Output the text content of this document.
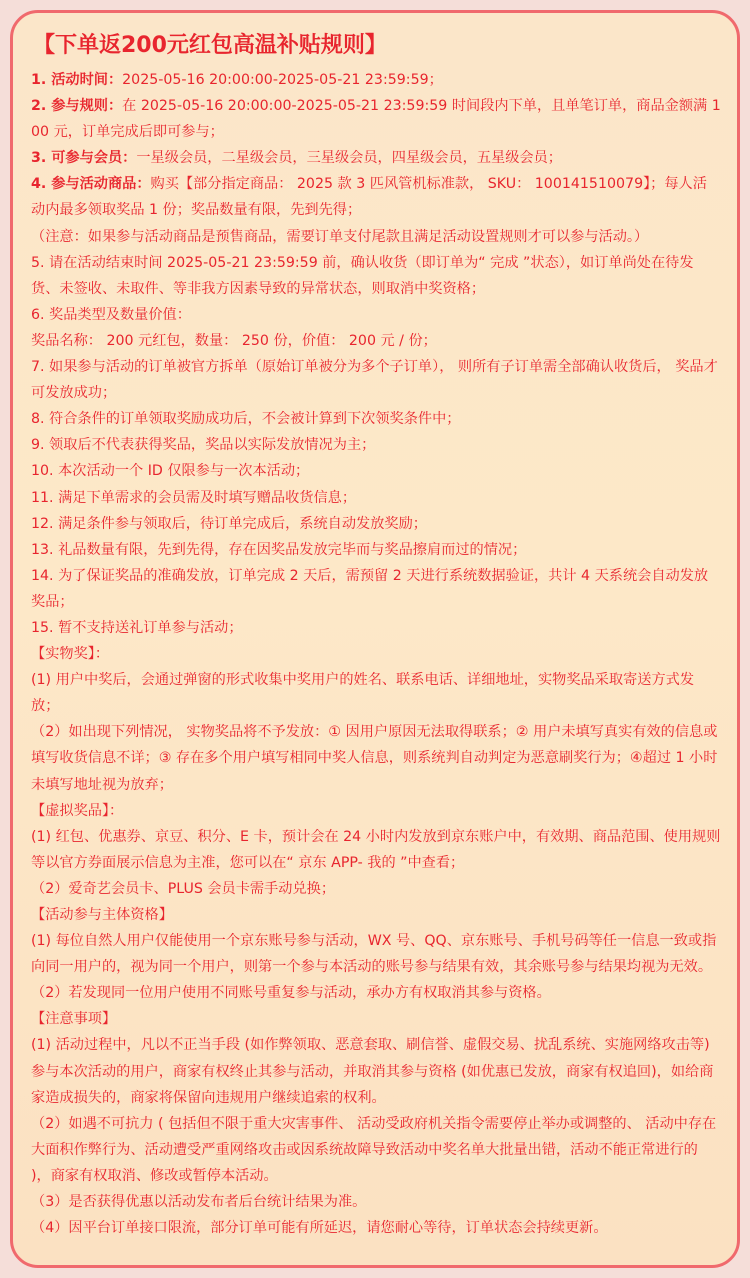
【下单返200元红包高温补贴规则】

1. 活动时间：2025-05-16 20:00:00-2025-05-21 23:59:59；

2. 参与规则：在 2025-05-16 20:00:00-2025-05-21 23:59:59 时间段内下单，且单笔订单，商品金额满 100 元，订单完成后即可参与；

3. 可参与会员：一星级会员，二星级会员，三星级会员，四星级会员，五星级会员；

4. 参与活动商品：购买【部分指定商品： 2025 款 3 匹风管机标准款， SKU： 100141510079】；每人活动内最多领取奖品 1 份；奖品数量有限，先到先得；

（注意：如果参与活动商品是预售商品，需要订单支付尾款且满足活动设置规则才可以参与活动。）

5. 请在活动结束时间 2025-05-21 23:59:59 前，确认收货（即订单为“ 完成 ”状态），如订单尚处在待发货、未签收、未取件、等非我方因素导致的异常状态，则取消中奖资格；

6. 奖品类型及数量价值：

奖品名称： 200 元红包，数量： 250 份，价值： 200 元 / 份；

7. 如果参与活动的订单被官方拆单（原始订单被分为多个子订单）， 则所有子订单需全部确认收货后， 奖品才可发放成功；

8. 符合条件的订单领取奖励成功后，不会被计算到下次领奖条件中；

9. 领取后不代表获得奖品，奖品以实际发放情况为主；

10. 本次活动一个 ID 仅限参与一次本活动；

11. 满足下单需求的会员需及时填写赠品收货信息；

12. 满足条件参与领取后，待订单完成后，系统自动发放奖励；

13. 礼品数量有限，先到先得，存在因奖品发放完毕而与奖品擦肩而过的情况；

14. 为了保证奖品的准确发放，订单完成 2 天后，需预留 2 天进行系统数据验证，共计 4 天系统会自动发放奖品；

15. 暂不支持送礼订单参与活动；

【实物奖】：

(1) 用户中奖后，会通过弹窗的形式收集中奖用户的姓名、联系电话、详细地址，实物奖品采取寄送方式发放；

（2）如出现下列情况， 实物奖品将不予发放：① 因用户原因无法取得联系；② 用户未填写真实有效的信息或填写收货信息不详；③ 存在多个用户填写相同中奖人信息，则系统判自动判定为恶意刷奖行为；④超过 1 小时未填写地址视为放弃；

【虚拟奖品】：

(1) 红包、优惠券、京豆、积分、E 卡，预计会在 24 小时内发放到京东账户中，有效期、商品范围、使用规则等以官方券面展示信息为主准，您可以在“ 京东 APP- 我的 ”中查看；

（2）爱奇艺会员卡、PLUS 会员卡需手动兑换；

【活动参与主体资格】

(1) 每位自然人用户仅能使用一个京东账号参与活动，WX 号、QQ、京东账号、手机号码等任一信息一致或指向同一用户的，视为同一个用户，则第一个参与本活动的账号参与结果有效，其余账号参与结果均视为无效。

（2）若发现同一位用户使用不同账号重复参与活动，承办方有权取消其参与资格。

【注意事项】

(1) 活动过程中，凡以不正当手段 (如作弊领取、恶意套取、刷信誉、虚假交易、扰乱系统、实施网络攻击等) 参与本次活动的用户，商家有权终止其参与活动，并取消其参与资格 (如优惠已发放，商家有权追回)，如给商家造成损失的，商家将保留向违规用户继续追索的权利。

（2）如遇不可抗力 ( 包括但不限于重大灾害事件、 活动受政府机关指令需要停止举办或调整的、 活动中存在大面积作弊行为、活动遭受严重网络攻击或因系统故障导致活动中奖名单大批量出错，活动不能正常进行的 )，商家有权取消、修改或暂停本活动。

（3）是否获得优惠以活动发布者后台统计结果为准。

（4）因平台订单接口限流，部分订单可能有所延迟，请您耐心等待，订单状态会持续更新。
